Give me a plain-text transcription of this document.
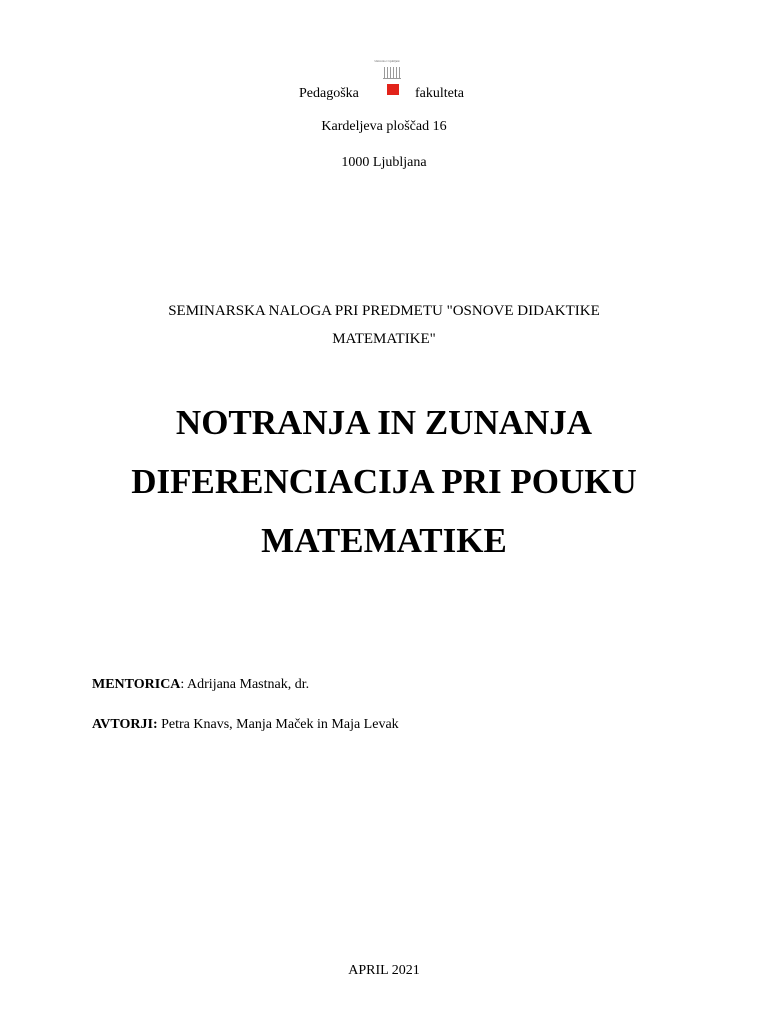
Univerza v Ljubljani
Pedagoška	fakulteta
Kardeljeva ploščad 16
1000 Ljubljana
SEMINARSKA NALOGA PRI PREDMETU "OSNOVE DIDAKTIKE
MATEMATIKE"
NOTRANJA IN ZUNANJA
DIFERENCIACIJA PRI POUKU
MATEMATIKE
MENTORICA: Adrijana Mastnak, dr.
AVTORJI: Petra Knavs, Manja Maček in Maja Levak
APRIL 2021
